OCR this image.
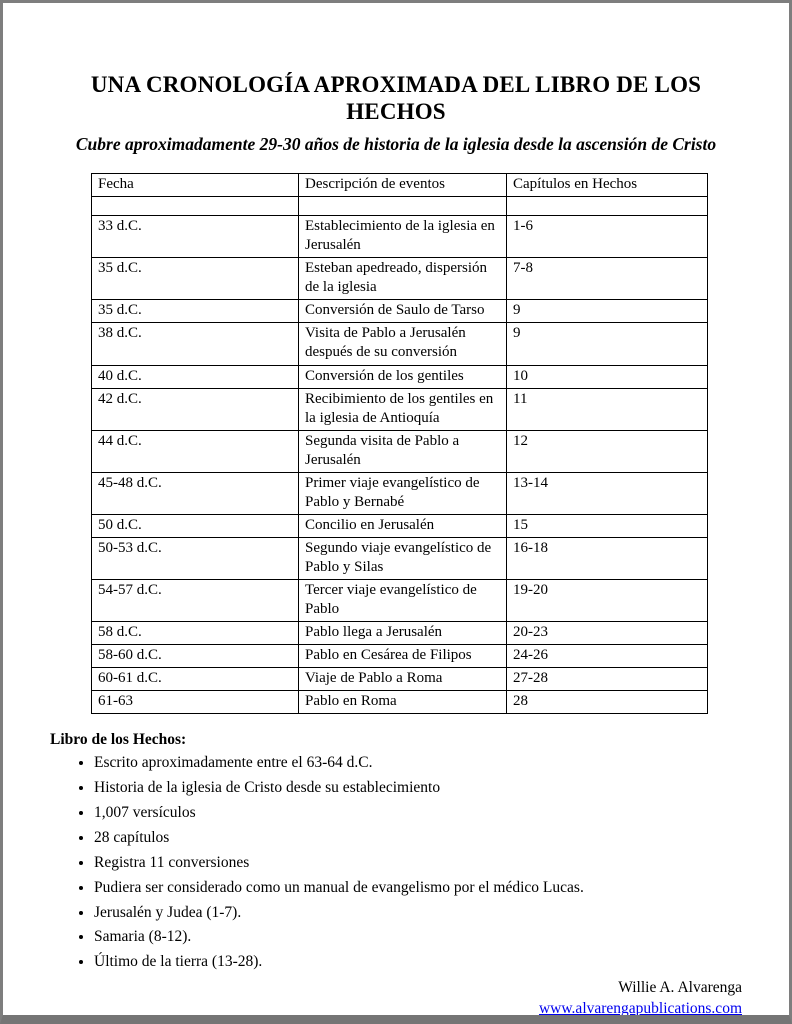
UNA CRONOLOGÍA APROXIMADA DEL LIBRO DE LOS HECHOS
Cubre aproximadamente 29-30 años de historia de la iglesia desde la ascensión de Cristo
Fecha	Descripción de eventos	Capítulos en Hechos

33 d.C.	Establecimiento de la iglesia en Jerusalén	1-6
35 d.C.	Esteban apedreado, dispersión de la iglesia	7-8
35 d.C.	Conversión de Saulo de Tarso	9
38 d.C.	Visita de Pablo a Jerusalén después de su conversión	9
40 d.C.	Conversión de los gentiles	10
42 d.C.	Recibimiento de los gentiles en la iglesia de Antioquía	11
44 d.C.	Segunda visita de Pablo a Jerusalén	12
45-48 d.C.	Primer viaje evangelístico de Pablo y Bernabé	13-14
50 d.C.	Concilio en Jerusalén	15
50-53 d.C.	Segundo viaje evangelístico de Pablo y Silas	16-18
54-57 d.C.	Tercer viaje evangelístico de Pablo	19-20
58 d.C.	Pablo llega a Jerusalén	20-23
58-60 d.C.	Pablo en Cesárea de Filipos	24-26
60-61 d.C.	Viaje de Pablo a Roma	27-28
61-63	Pablo en Roma	28
Libro de los Hechos:
• Escrito aproximadamente entre el 63-64 d.C.
• Historia de la iglesia de Cristo desde su establecimiento
• 1,007 versículos
• 28 capítulos
• Registra 11 conversiones
• Pudiera ser considerado como un manual de evangelismo por el médico Lucas.
• Jerusalén y Judea (1-7).
• Samaria (8-12).
• Último de la tierra (13-28).
Willie A. Alvarenga
www.alvarengapublications.com
